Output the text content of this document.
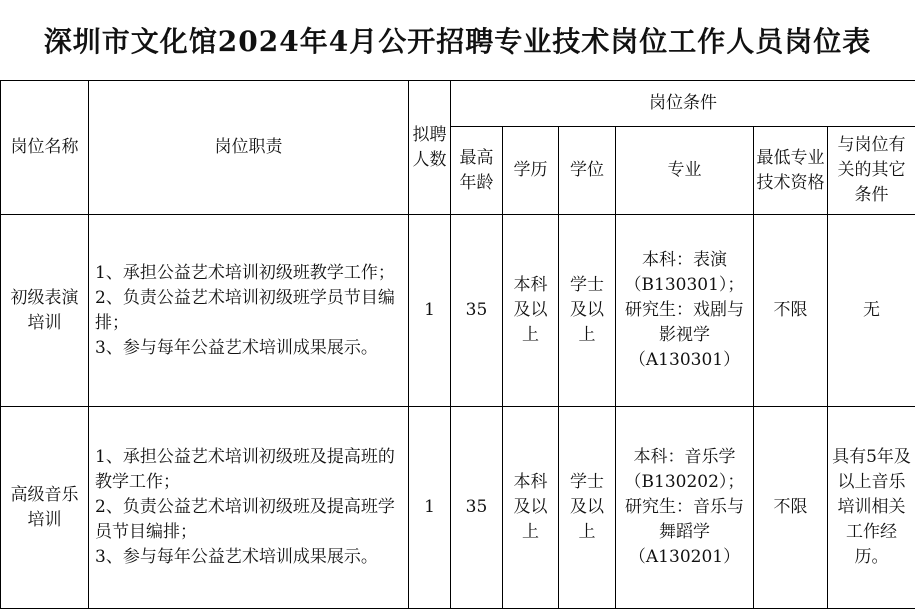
深圳市文化馆2024年4月公开招聘专业技术岗位工作人员岗位表
岗位名称	岗位职责	拟聘人数	岗位条件					
			最高年龄	学历	学位	专业	最低专业技术资格	与岗位有关的其它条件
初级表演培训	1、承担公益艺术培训初级班教学工作；
2、负责公益艺术培训初级班学员节目编排；
3、参与每年公益艺术培训成果展示。	1	35	本科及以上	学士及以上	本科：表演（B130301）；研究生：戏剧与影视学（A130301）	不限	无
高级音乐培训	1、承担公益艺术培训初级班及提高班的教学工作；
2、负责公益艺术培训初级班及提高班学员节目编排；
3、参与每年公益艺术培训成果展示。	1	35	本科及以上	学士及以上	本科：音乐学（B130202）；研究生：音乐与舞蹈学（A130201）	不限	具有5年及以上音乐培训相关工作经历。
